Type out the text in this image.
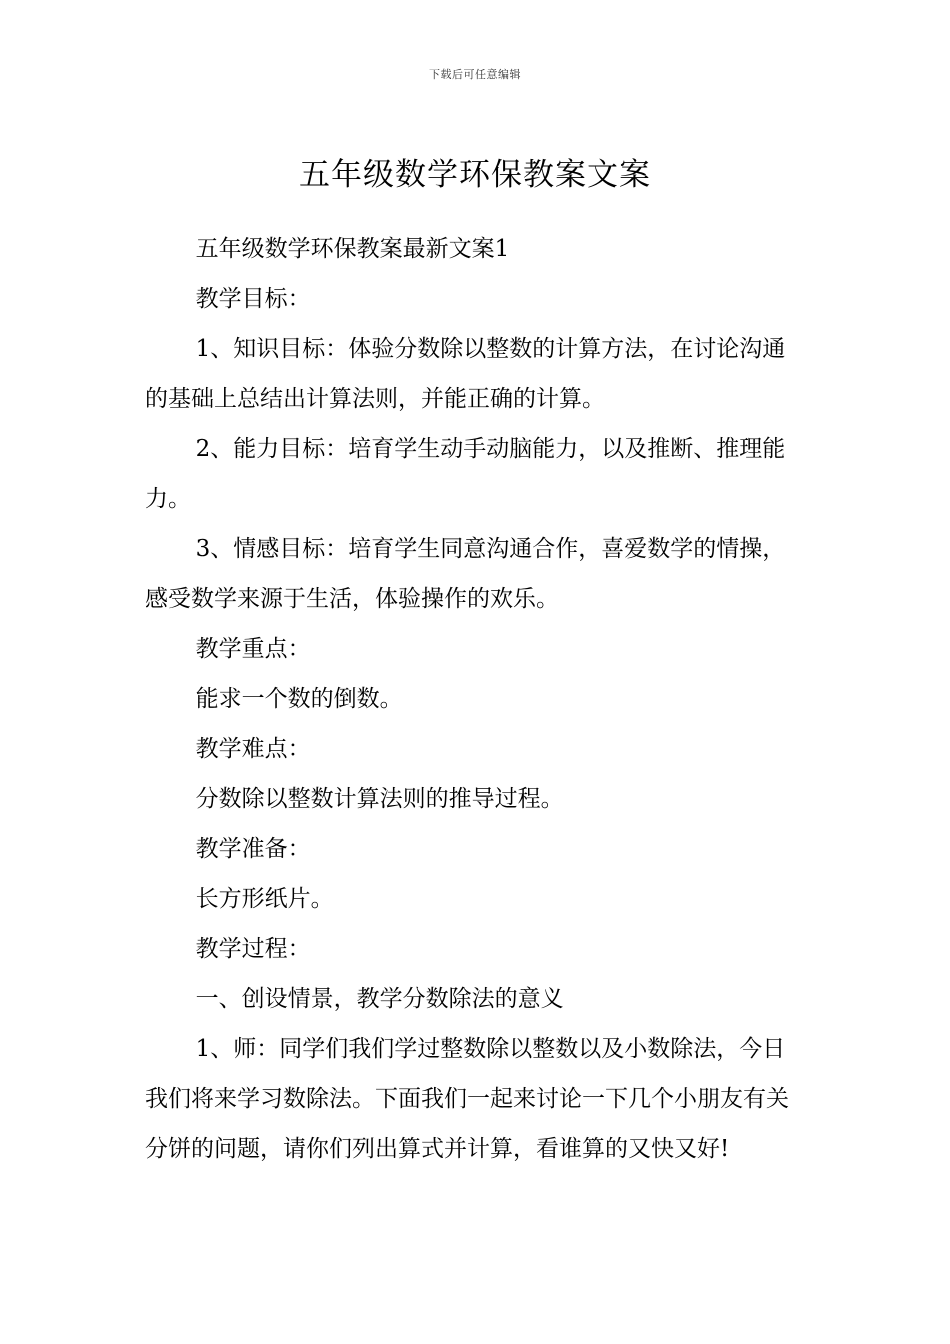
下载后可任意编辑
五年级数学环保教案文案

五年级数学环保教案最新文案1

教学目标：

1、知识目标：体验分数除以整数的计算方法，在讨论沟通的基础上总结出计算法则，并能正确的计算。

2、能力目标：培育学生动手动脑能力，以及推断、推理能力。

3、情感目标：培育学生同意沟通合作，喜爱数学的情操，感受数学来源于生活，体验操作的欢乐。

教学重点：

能求一个数的倒数。

教学难点：

分数除以整数计算法则的推导过程。

教学准备：

长方形纸片。

教学过程：

一、创设情景，教学分数除法的意义

1、师：同学们我们学过整数除以整数以及小数除法，今日我们将来学习数除法。下面我们一起来讨论一下几个小朋友有关分饼的问题，请你们列出算式并计算，看谁算的又快又好!
